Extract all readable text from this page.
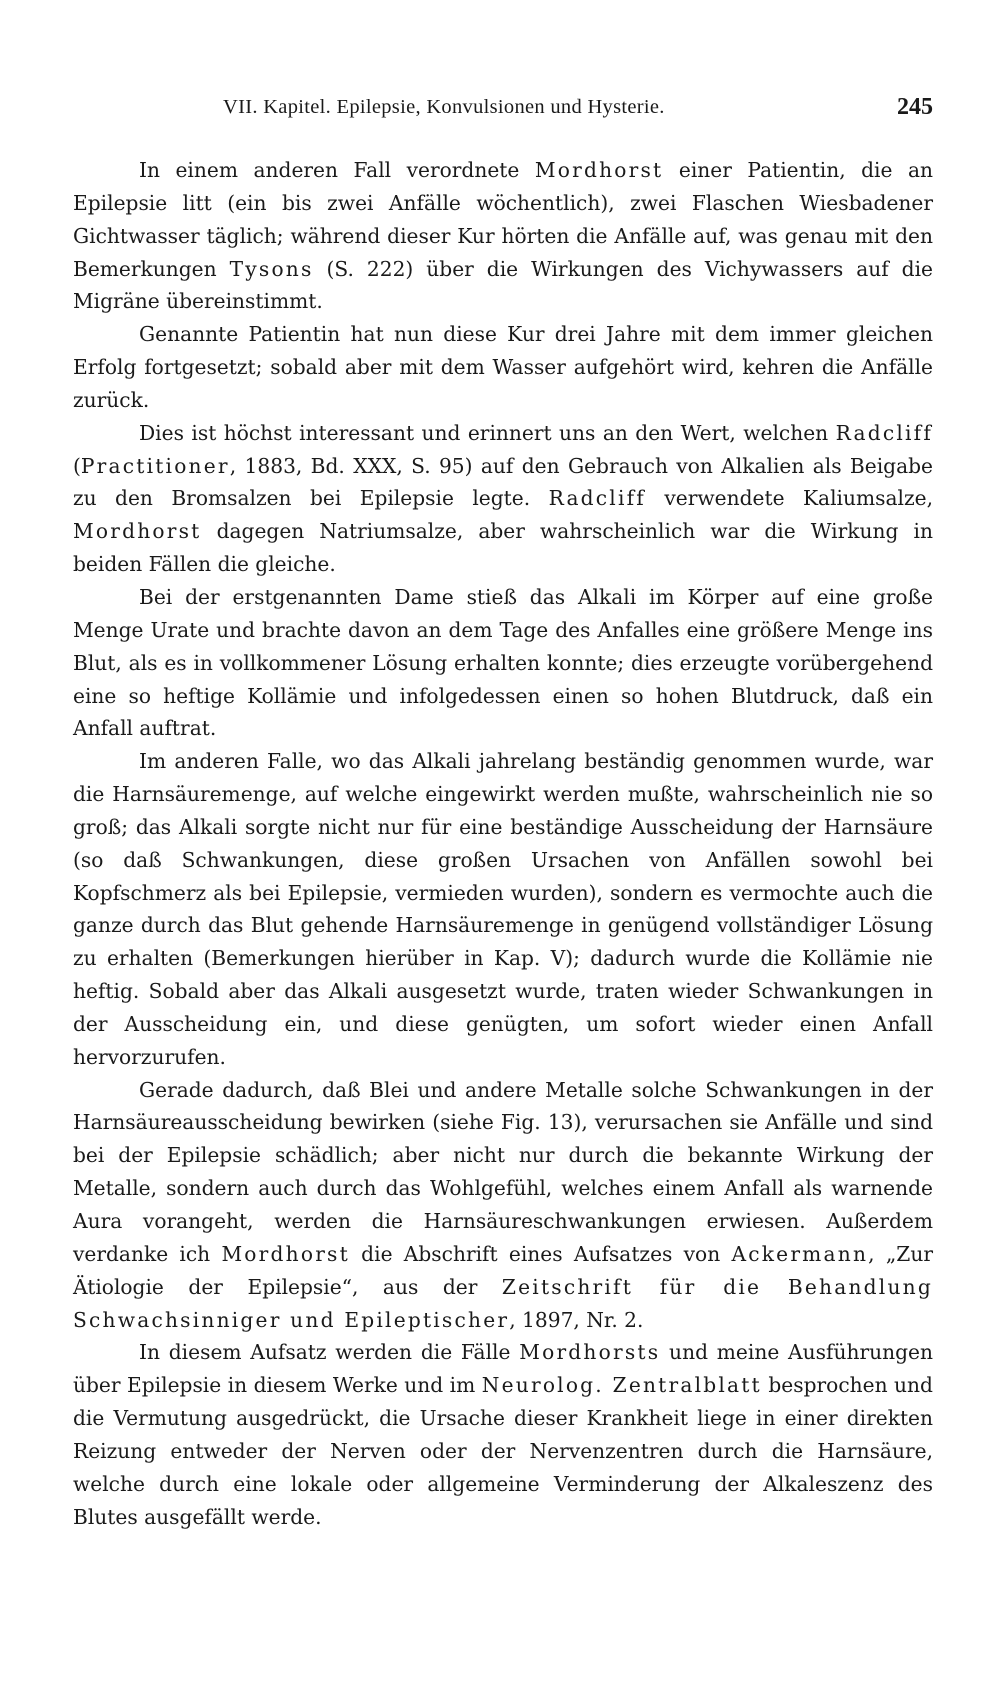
VII. Kapitel. Epilepsie, Konvulsionen und Hysterie.	245

In einem anderen Fall verordnete Mordhorst einer Patientin, die an Epilepsie litt (ein bis zwei Anfälle wöchentlich), zwei Flaschen Wiesbadener Gichtwasser täglich; während dieser Kur hörten die Anfälle auf, was genau mit den Bemerkungen Tysons (S. 222) über die Wirkungen des Vichywassers auf die Migräne übereinstimmt.

Genannte Patientin hat nun diese Kur drei Jahre mit dem immer gleichen Erfolg fortgesetzt; sobald aber mit dem Wasser aufgehört wird, kehren die Anfälle zurück.

Dies ist höchst interessant und erinnert uns an den Wert, welchen Radcliff (Practitioner, 1883, Bd. XXX, S. 95) auf den Gebrauch von Alkalien als Beigabe zu den Bromsalzen bei Epilepsie legte. Radcliff verwendete Kaliumsalze, Mordhorst dagegen Natriumsalze, aber wahrscheinlich war die Wirkung in beiden Fällen die gleiche.

Bei der erstgenannten Dame stieß das Alkali im Körper auf eine große Menge Urate und brachte davon an dem Tage des Anfalles eine größere Menge ins Blut, als es in vollkommener Lösung erhalten konnte; dies erzeugte vorübergehend eine so heftige Kollämie und infolgedessen einen so hohen Blutdruck, daß ein Anfall auftrat.

Im anderen Falle, wo das Alkali jahrelang beständig genommen wurde, war die Harnsäuremenge, auf welche eingewirkt werden mußte, wahrscheinlich nie so groß; das Alkali sorgte nicht nur für eine beständige Ausscheidung der Harnsäure (so daß Schwankungen, diese großen Ursachen von Anfällen sowohl bei Kopfschmerz als bei Epilepsie, vermieden wurden), sondern es vermochte auch die ganze durch das Blut gehende Harnsäuremenge in genügend vollständiger Lösung zu erhalten (Bemerkungen hierüber in Kap. V); dadurch wurde die Kollämie nie heftig. Sobald aber das Alkali ausgesetzt wurde, traten wieder Schwankungen in der Ausscheidung ein, und diese genügten, um sofort wieder einen Anfall hervorzurufen.

Gerade dadurch, daß Blei und andere Metalle solche Schwankungen in der Harnsäureausscheidung bewirken (siehe Fig. 13), verursachen sie Anfälle und sind bei der Epilepsie schädlich; aber nicht nur durch die bekannte Wirkung der Metalle, sondern auch durch das Wohlgefühl, welches einem Anfall als warnende Aura vorangeht, werden die Harnsäureschwankungen erwiesen. Außerdem verdanke ich Mordhorst die Abschrift eines Aufsatzes von Ackermann, „Zur Ätiologie der Epilepsie“, aus der Zeitschrift für die Behandlung Schwachsinniger und Epileptischer, 1897, Nr. 2.

In diesem Aufsatz werden die Fälle Mordhorsts und meine Ausführungen über Epilepsie in diesem Werke und im Neurolog. Zentralblatt besprochen und die Vermutung ausgedrückt, die Ursache dieser Krankheit liege in einer direkten Reizung entweder der Nerven oder der Nervenzentren durch die Harnsäure, welche durch eine lokale oder allgemeine Verminderung der Alkaleszenz des Blutes ausgefällt werde.
